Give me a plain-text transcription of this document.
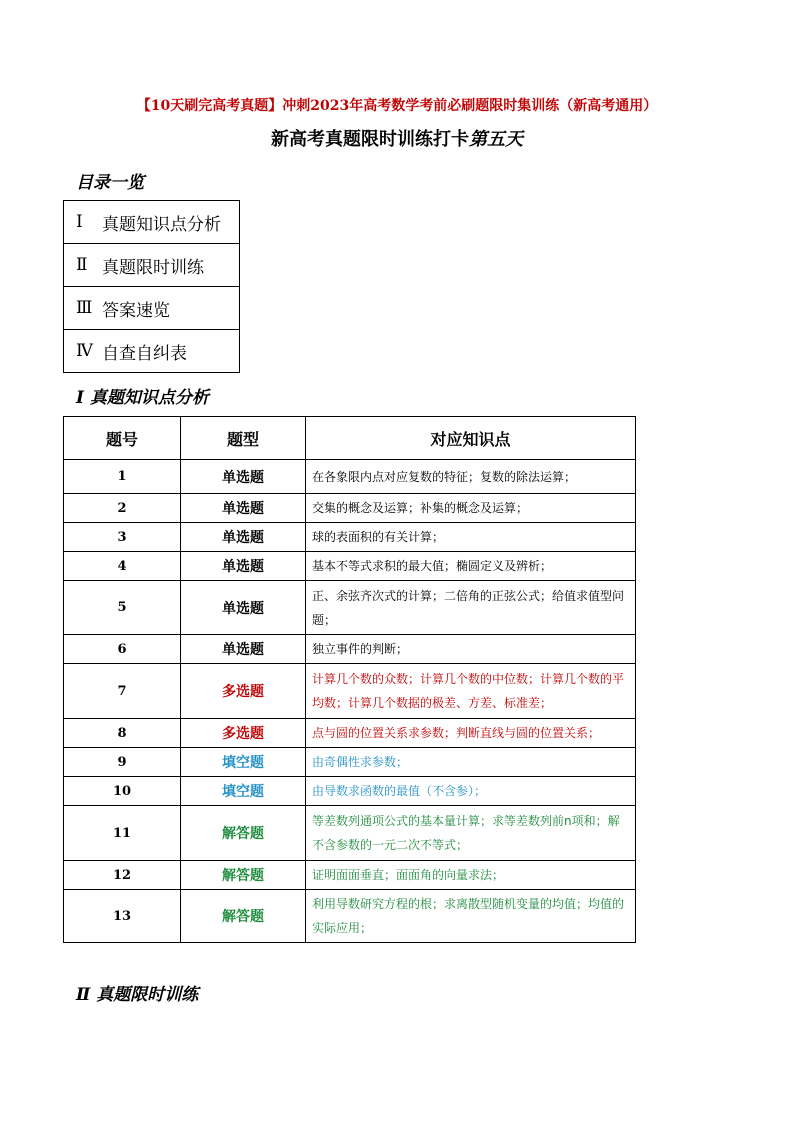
【10天刷完高考真题】冲刺2023年高考数学考前必刷题限时集训练（新高考通用）
新高考真题限时训练打卡第五天
目录一览
Ⅰ	真题知识点分析
Ⅱ 真题限时训练
Ⅲ 答案速览
Ⅳ 自查自纠表
Ⅰ 真题知识点分析
题号	题型	对应知识点
1	单选题	在各象限内点对应复数的特征；复数的除法运算；
2	单选题	交集的概念及运算；补集的概念及运算；
3	单选题	球的表面积的有关计算；
4	单选题	基本不等式求积的最大值；椭圆定义及辨析；
5	单选题	正、余弦齐次式的计算；二倍角的正弦公式；给值求值型问题；
6	单选题	独立事件的判断；
7	多选题	计算几个数的众数；计算几个数的中位数；计算几个数的平均数；计算几个数据的极差、方差、标准差；
8	多选题	点与圆的位置关系求参数；判断直线与圆的位置关系；
9	填空题	由奇偶性求参数；
10	填空题	由导数求函数的最值（不含参）；
11	解答题	等差数列通项公式的基本量计算；求等差数列前n项和；解不含参数的一元二次不等式；
12	解答题	证明面面垂直；面面角的向量求法；
13	解答题	利用导数研究方程的根；求离散型随机变量的均值；均值的实际应用；
Ⅱ 真题限时训练
